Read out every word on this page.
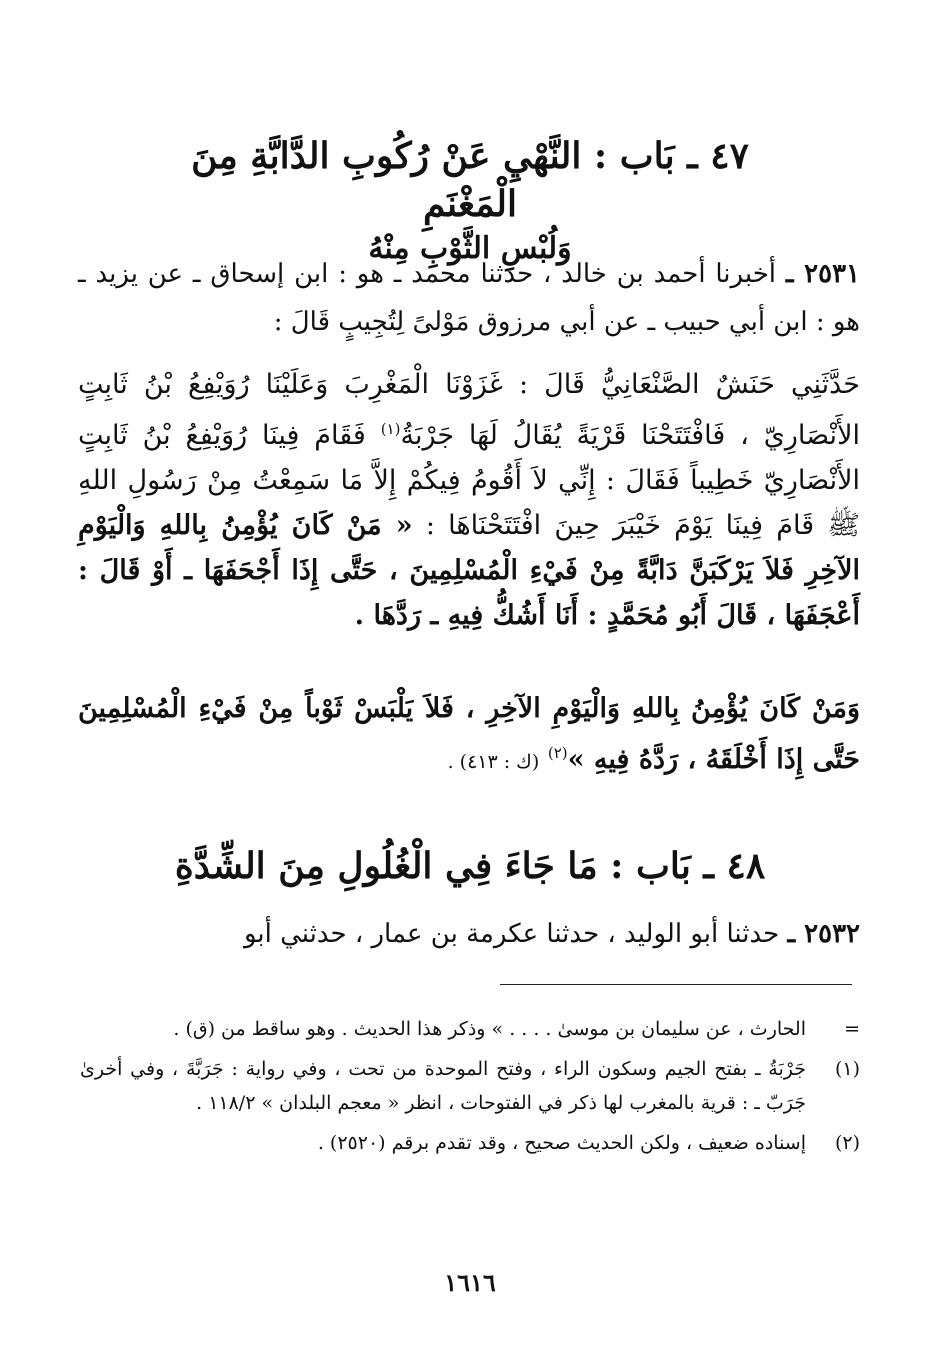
٤٧ ـ بَاب : النَّهْيِ عَنْ رُكُوبِ الدَّابَّةِ مِنَ الْمَغْنَمِ
وَلُبْسِ الثَّوْبِ مِنْهُ
٢٥٣١ ـ أخبرنا أحمد بن خالد ، حدثنا محمد ـ هو : ابن إسحاق ـ عن يزيد ـ هو : ابن أبي حبيب ـ عن أبي مرزوق مَوْلىً لِتُجِيبٍ قَالَ :
حَدَّثَنِي حَنَشٌ الصَّنْعَانِيُّ قَالَ : غَزَوْنَا الْمَغْرِبَ وَعَلَيْنَا رُوَيْفِعُ بْنُ ثَابِتٍ الأَنْصَارِيّ ، فَافْتَتَحْنَا قَرْيَةً يُقَالُ لَهَا جَرْبَةُ$^{(١)}$ فَقَامَ فِينَا رُوَيْفِعُ بْنُ ثَابِتٍ الأَنْصَارِيّ خَطِيباً فَقَالَ : إِنِّي لاَ أَقُومُ فِيكُمْ إِلاَّ مَا سَمِعْتُ مِنْ رَسُولِ اللهِ ﷺ قَامَ فِينَا يَوْمَ خَيْبَرَ حِينَ افْتَتَحْنَاهَا : « مَنْ كَانَ يُؤْمِنُ بِاللهِ وَالْيَوْمِ الآخِرِ فَلاَ يَرْكَبَنَّ دَابَّةً مِنْ فَيْءِ الْمُسْلِمِينَ ، حَتَّى إِذَا أَجْحَفَهَا ـ أَوْ قَالَ : أَعْجَفَهَا ، قَالَ أَبُو مُحَمَّدٍ : أَنَا أَشُكُّ فِيهِ ـ رَدَّهَا .
وَمَنْ كَانَ يُؤْمِنُ بِاللهِ وَالْيَوْمِ الآخِرِ ، فَلاَ يَلْبَسْ ثَوْباً مِنْ فَيْءِ الْمُسْلِمِينَ حَتَّى إِذَا أَخْلَقَهُ ، رَدَّهُ فِيهِ »$^{(٢)}$ (ك : ٤١٣) .
٤٨ ـ بَاب : مَا جَاءَ فِي الْغُلُولِ مِنَ الشِّدَّةِ
٢٥٣٢ ـ حدثنا أبو الوليد ، حدثنا عكرمة بن عمار ، حدثني أبو
=
الحارث ، عن سليمان بن موسىٰ . . . . » وذكر هذا الحديث . وهو ساقط من (ق) .
(١)
جَرْبَةُ ـ بفتح الجيم وسكون الراء ، وفتح الموحدة من تحت ، وفي رواية : جَرَبَّةَ ، وفي أخرىٰ جَرَبّ ـ : قرية بالمغرب لها ذكر في الفتوحات ، انظر « معجم البلدان » ١١٨/٢ .
(٢)
إسناده ضعيف ، ولكن الحديث صحيح ، وقد تقدم برقم (٢٥٢٠) .
١٦١٦
